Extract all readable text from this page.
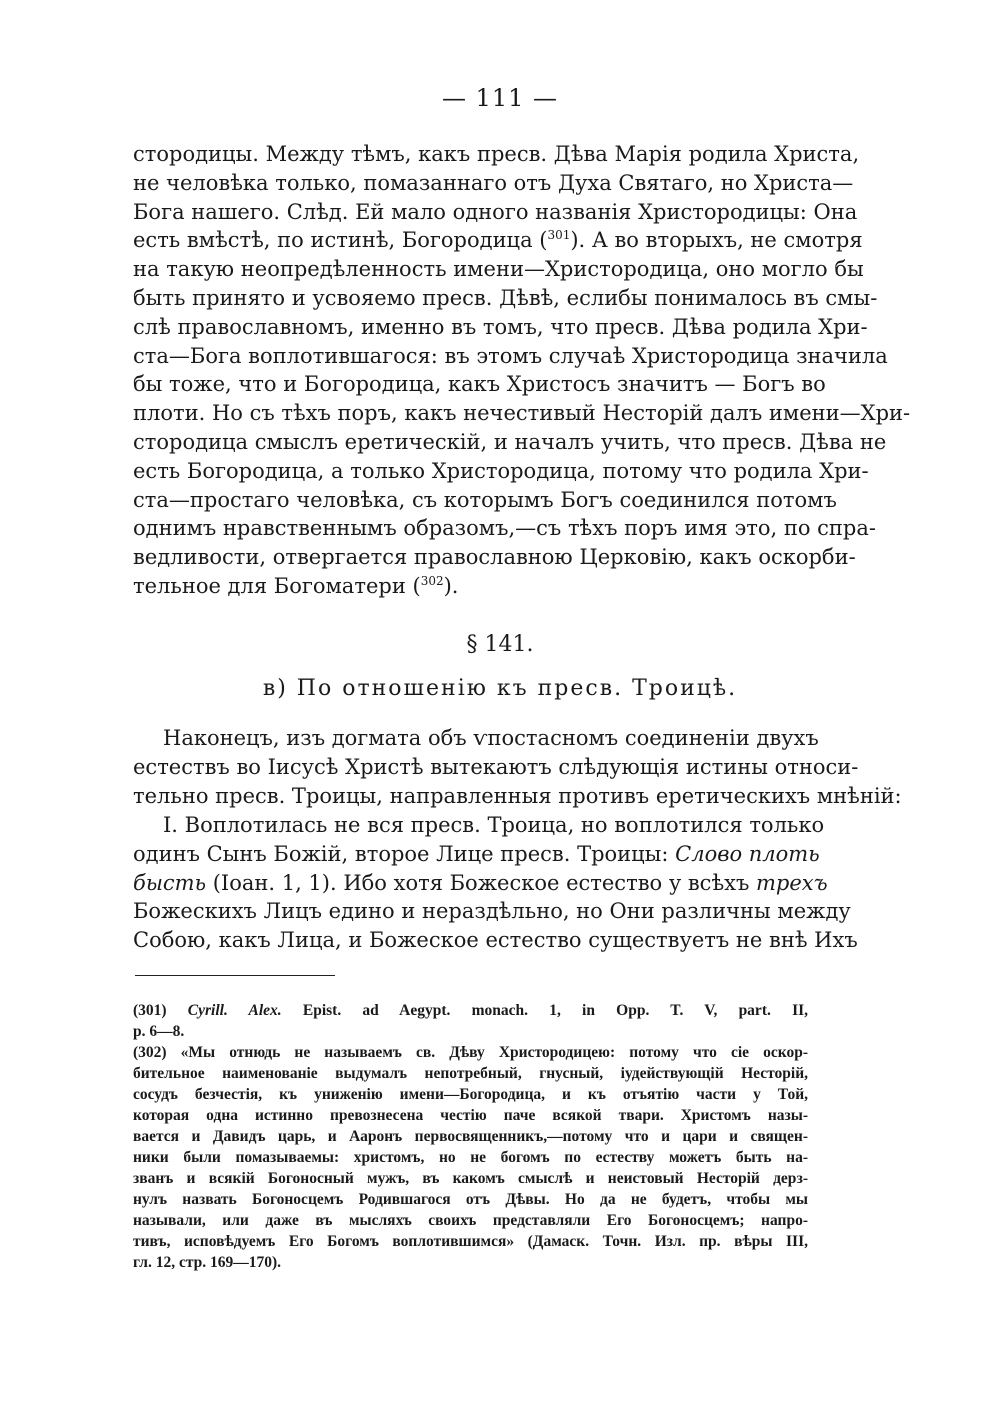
— 111 —
стородицы. Между тѣмъ, какъ пресв. Дѣва Марія родила Христа,
не человѣка только, помазаннаго отъ Духа Святаго, но Христа—
Бога нашего. Слѣд. Ей мало одного названія Христородицы: Она
есть вмѣстѣ, по истинѣ, Богородица ($^{301}$). А во вторыхъ, не смотря
на такую неопредѣленность имени—Христородица, оно могло бы
быть принято и усвояемо пресв. Дѣвѣ, еслибы понималось въ смы-
слѣ православномъ, именно въ томъ, что пресв. Дѣва родила Хри-
ста—Бога воплотившагося: въ этомъ случаѣ Христородица значила
бы тоже, что и Богородица, какъ Христосъ значитъ — Богъ во
плоти. Но съ тѣхъ поръ, какъ нечестивый Несторій далъ имени—Хри-
стородица смыслъ еретическій, и началъ учить, что пресв. Дѣва не
есть Богородица, а только Христородица, потому что родила Хри-
ста—простаго человѣка, съ которымъ Богъ соединился потомъ
однимъ нравственнымъ образомъ,—съ тѣхъ поръ имя это, по спра-
ведливости, отвергается православною Церковію, какъ оскорби-
тельное для Богоматери ($^{302}$).
§ 141.
в) По отношенію къ пресв. Троицѣ.
Наконецъ, изъ догмата объ ѵпостасномъ соединеніи двухъ
естествъ во Іисусѣ Христѣ вытекаютъ слѣдующія истины относи-
тельно пресв. Троицы, направленныя противъ еретическихъ мнѣній:
I. Воплотилась не вся пресв. Троица, но воплотился только
одинъ Сынъ Божій, второе Лице пресв. Троицы: Слово плоть
бысть (Іоан. 1, 1). Ибо хотя Божеское естество у всѣхъ трехъ
Божескихъ Лицъ едино и нераздѣльно, но Они различны между
Собою, какъ Лица, и Божеское естество существуетъ не внѣ Ихъ
(301) Cyrill. Alex. Epist. ad Aegypt. monach. 1, in Opp. T. V, part. II,
p. 6—8.
(302) «Мы отнюдь не называемъ св. Дѣву Христородицею: потому что сіе оскор-
бительное наименованіе выдумалъ непотребный, гнусный, іудействующій Несторій,
сосудъ безчестія, къ униженію имени—Богородица, и къ отъятію части у Той,
которая одна истинно превознесена честію паче всякой твари. Христомъ назы-
вается и Давидъ царь, и Ааронъ первосвященникъ,—потому что и цари и священ-
ники были помазываемы: христомъ, но не богомъ по естеству можетъ быть на-
званъ и всякій Богоносный мужъ, въ какомъ смыслѣ и неистовый Несторій дерз-
нулъ назвать Богоносцемъ Родившагося отъ Дѣвы. Но да не будетъ, чтобы мы
называли, или даже въ мысляхъ своихъ представляли Его Богоносцемъ; напро-
тивъ, исповѣдуемъ Его Богомъ воплотившимся» (Дамаск. Точн. Изл. пр. вѣры III,
гл. 12, стр. 169—170).
